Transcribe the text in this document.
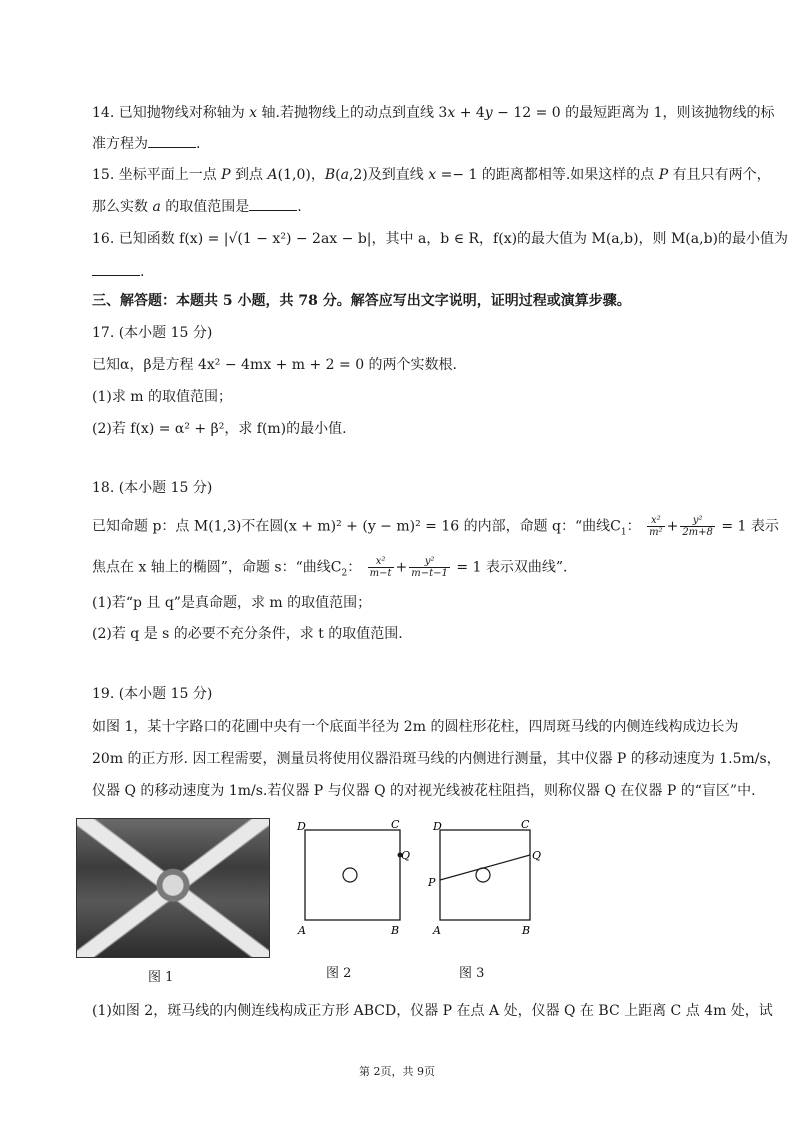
14. 已知抛物线对称轴为 x 轴.若抛物线上的动点到直线 3x + 4y − 12 = 0 的最短距离为 1，则该抛物线的标
准方程为	.
15. 坐标平面上一点 P 到点 A(1,0)，B(a,2)及到直线 x =− 1 的距离都相等.如果这样的点 P 有且只有两个，
那么实数 a 的取值范围是	.
16. 已知函数 f(x) = |√(1 − x²) − 2ax − b|，其中 a，b ∈ R，f(x)的最大值为 M(a,b)，则 M(a,b)的最小值为
.
三、解答题：本题共 5 小题，共 78 分。解答应写出文字说明，证明过程或演算步骤。
17. (本小题 15 分)
已知α，β是方程 4x² − 4mx + m + 2 = 0 的两个实数根.
(1)求 m 的取值范围；
(2)若 f(x) = α² + β²，求 f(m)的最小值.
18. (本小题 15 分)
已知命题 p：点 M(1,3)不在圆(x + m)² + (y − m)² = 16 的内部，命题 q：“曲线$C_1$： $\frac{\text{x²}}{\text{m²}} + \frac{\text{y²}}{2m+8} = 1$ 表示
焦点在 x 轴上的椭圆”，命题 s：“曲线$C_2$： $\frac{\text{x²}}{m-t} + \frac{\text{y²}}{m-t-1} = 1$ 表示双曲线”.
(1)若“p 且 q”是真命题，求 m 的取值范围；
(2)若 q 是 s 的必要不充分条件，求 t 的取值范围.
19. (本小题 15 分)
如图 1，某十字路口的花圃中央有一个底面半径为 2m 的圆柱形花柱，四周斑马线的内侧连线构成边长为
20m 的正方形. 因工程需要，测量员将使用仪器沿斑马线的内侧进行测量，其中仪器 P 的移动速度为 1.5m/s，
仪器 Q 的移动速度为 1m/s.若仪器 P 与仪器 Q 的对视光线被花柱阻挡，则称仪器 Q 在仪器 P 的“盲区”中.
图 1
D	C
Q
A	B
图 2
D	C
Q
P
A	B
图 3
(1)如图 2，斑马线的内侧连线构成正方形 ABCD，仪器 P 在点 A 处，仪器 Q 在 BC 上距离 C 点 4m 处，试
第 2页，共 9页
